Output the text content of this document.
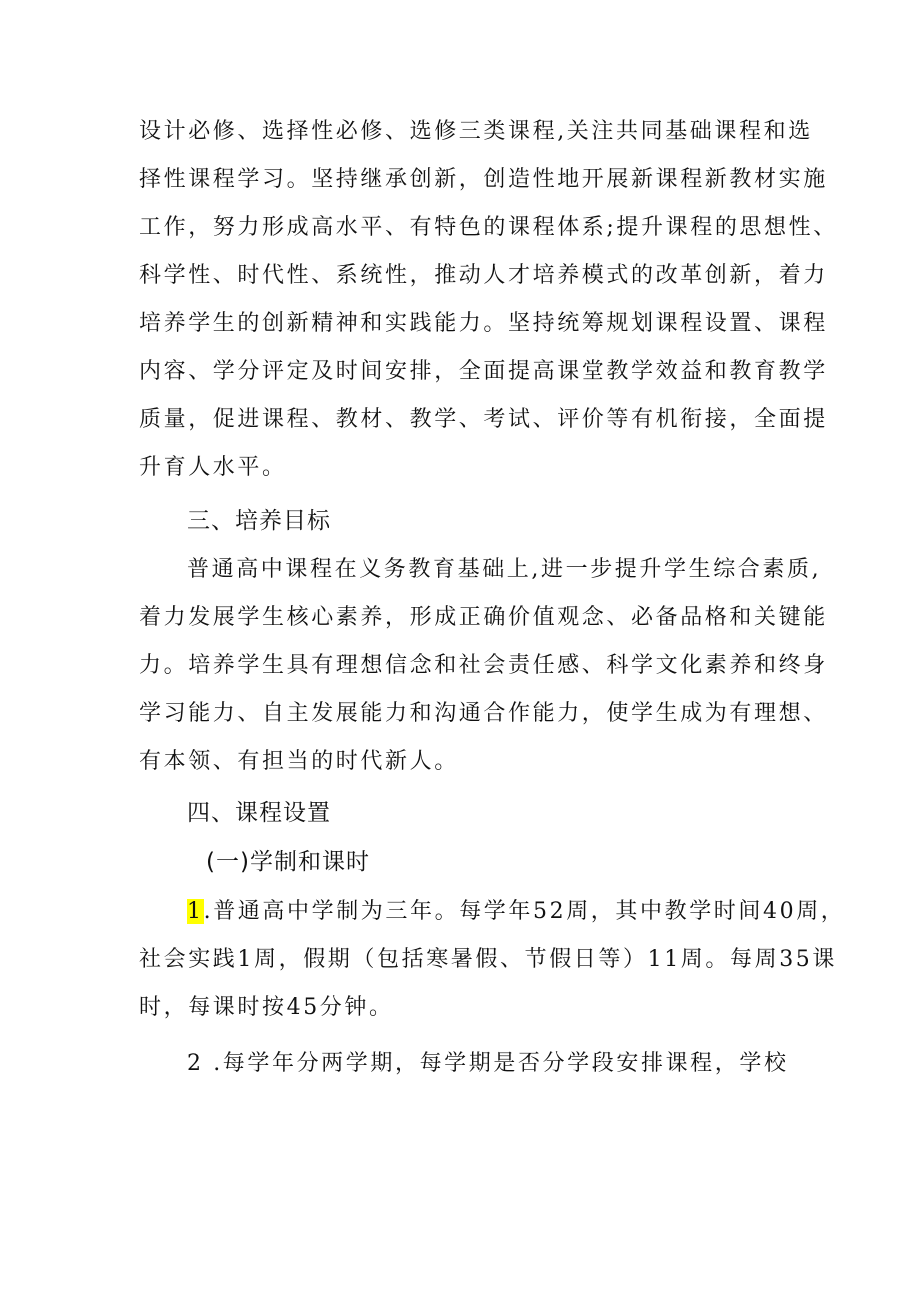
设计必修、选择性必修、选修三类课程,关注共同基础课程和选
择性课程学习。坚持继承创新，创造性地开展新课程新教材实施
工作，努力形成高水平、有特色的课程体系;提升课程的思想性、
科学性、时代性、系统性，推动人才培养模式的改革创新，着力
培养学生的创新精神和实践能力。坚持统筹规划课程设置、课程
内容、学分评定及时间安排，全面提高课堂教学效益和教育教学
质量，促进课程、教材、教学、考试、评价等有机衔接，全面提
升育人水平。
三、培养目标
普通高中课程在义务教育基础上,进一步提升学生综合素质,
着力发展学生核心素养，形成正确价值观念、必备品格和关键能
力。培养学生具有理想信念和社会责任感、科学文化素养和终身
学习能力、自主发展能力和沟通合作能力，使学生成为有理想、
有本领、有担当的时代新人。
四、课程设置
(一)学制和课时
1.普通高中学制为三年。每学年52周，其中教学时间40周，
社会实践1周，假期（包括寒暑假、节假日等）11周。每周35课
时，每课时按45分钟。
2 .每学年分两学期，每学期是否分学段安排课程，学校
